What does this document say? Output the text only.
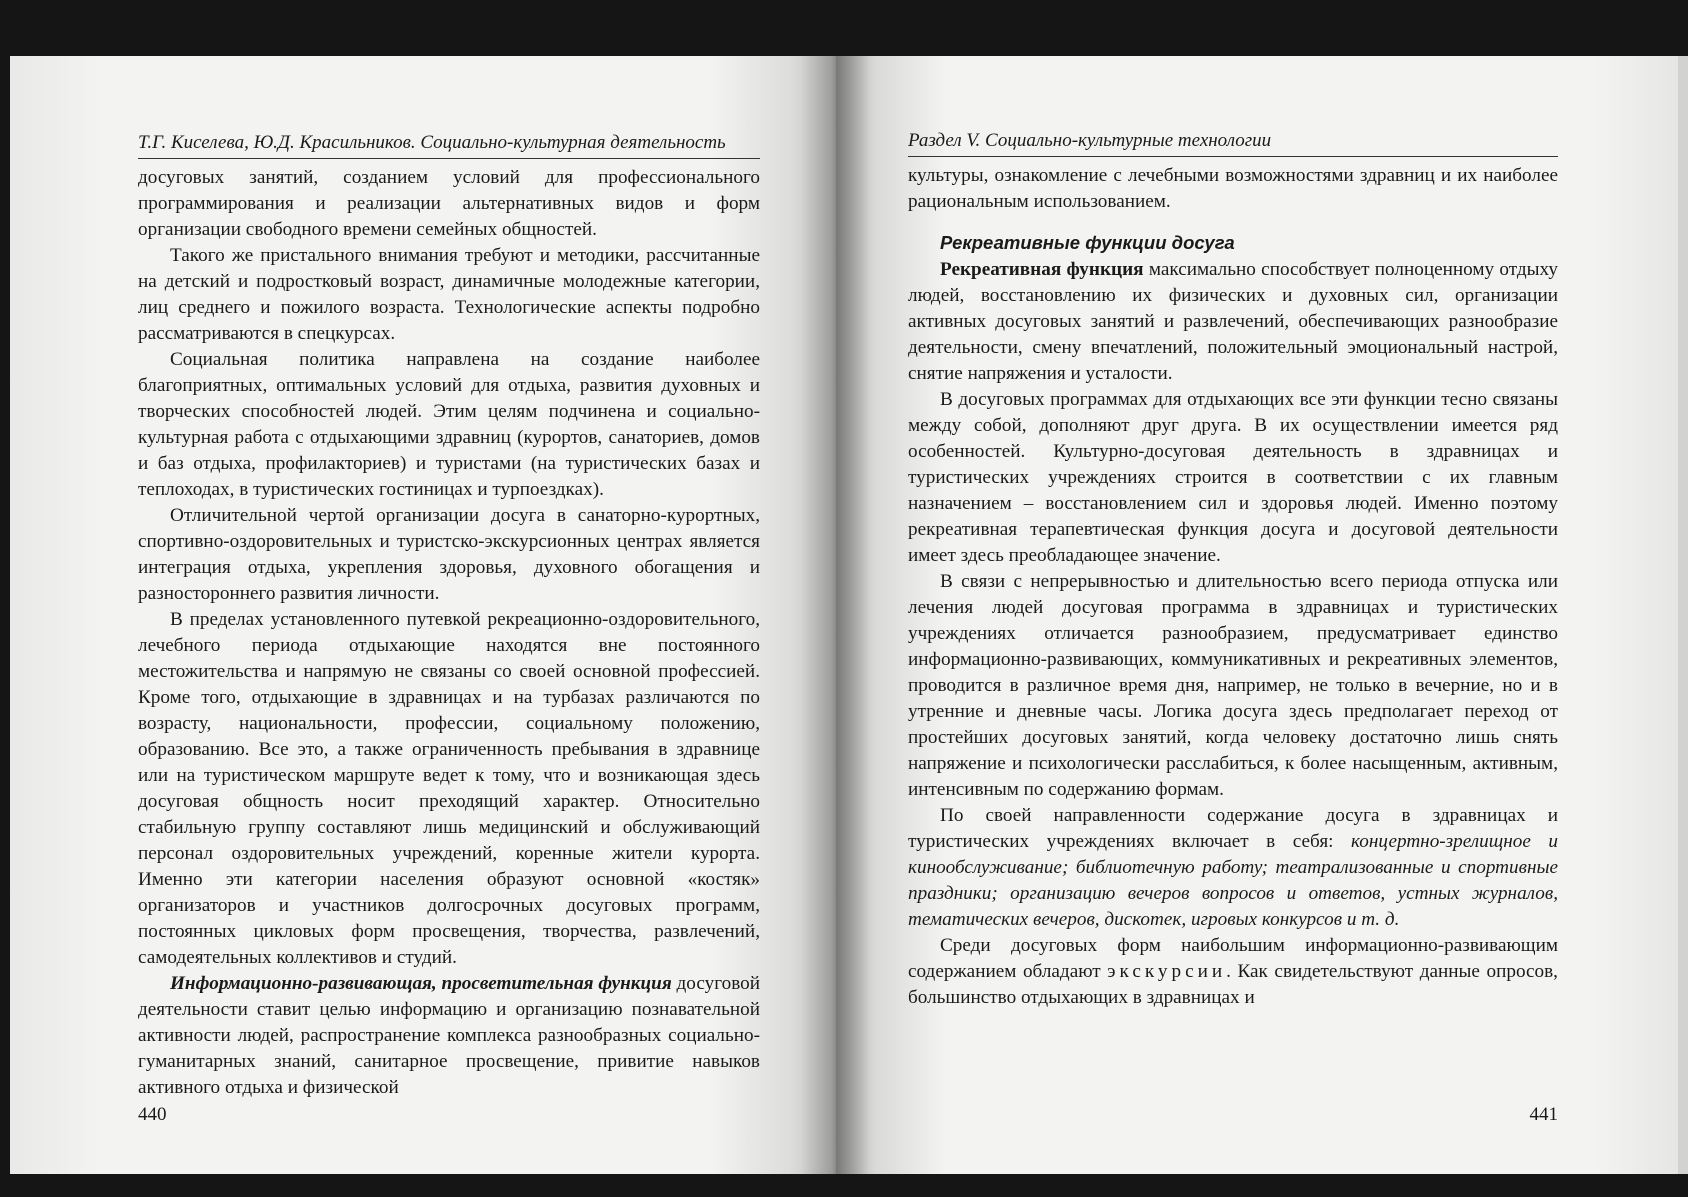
Т.Г. Киселева, Ю.Д. Красильников. Социально-культурная деятельность

досуговых занятий, созданием условий для профессионального программирования и реализации альтернативных видов и форм организации свободного времени семейных общностей.

Такого же пристального внимания требуют и методики, рассчитанные на детский и подростковый возраст, динамичные молодежные категории, лиц среднего и пожилого возраста. Технологические аспекты подробно рассматриваются в спецкурсах.

Социальная политика направлена на создание наиболее благоприятных, оптимальных условий для отдыха, развития духовных и творческих способностей людей. Этим целям подчинена и социально-культурная работа с отдыхающими здравниц (курортов, санаториев, домов и баз отдыха, профилакториев) и туристами (на туристических базах и теплоходах, в туристических гостиницах и турпоездках).

Отличительной чертой организации досуга в санаторно-курортных, спортивно-оздоровительных и туристско-экскурсионных центрах является интеграция отдыха, укрепления здоровья, духовного обогащения и разностороннего развития личности.

В пределах установленного путевкой рекреационно-оздоровительного, лечебного периода отдыхающие находятся вне постоянного местожительства и напрямую не связаны со своей основной профессией. Кроме того, отдыхающие в здравницах и на турбазах различаются по возрасту, национальности, профессии, социальному положению, образованию. Все это, а также ограниченность пребывания в здравнице или на туристическом маршруте ведет к тому, что и возникающая здесь досуговая общность носит преходящий характер. Относительно стабильную группу составляют лишь медицинский и обслуживающий персонал оздоровительных учреждений, коренные жители курорта. Именно эти категории населения образуют основной «костяк» организаторов и участников долгосрочных досуговых программ, постоянных цикловых форм просвещения, творчества, развлечений, самодеятельных коллективов и студий.

Информационно-развивающая, просветительная функция досуговой деятельности ставит целью информацию и организацию познавательной активности людей, распространение комплекса разнообразных социально-гуманитарных знаний, санитарное просвещение, привитие навыков активного отдыха и физической

440
Раздел V. Социально-культурные технологии

культуры, ознакомление с лечебными возможностями здравниц и их наиболее рациональным использованием.

Рекреативные функции досуга

Рекреативная функция максимально способствует полноценному отдыху людей, восстановлению их физических и духовных сил, организации активных досуговых занятий и развлечений, обеспечивающих разнообразие деятельности, смену впечатлений, положительный эмоциональный настрой, снятие напряжения и усталости.

В досуговых программах для отдыхающих все эти функции тесно связаны между собой, дополняют друг друга. В их осуществлении имеется ряд особенностей. Культурно-досуговая деятельность в здравницах и туристических учреждениях строится в соответствии с их главным назначением – восстановлением сил и здоровья людей. Именно поэтому рекреативная терапевтическая функция досуга и досуговой деятельности имеет здесь преобладающее значение.

В связи с непрерывностью и длительностью всего периода отпуска или лечения людей досуговая программа в здравницах и туристических учреждениях отличается разнообразием, предусматривает единство информационно-развивающих, коммуникативных и рекреативных элементов, проводится в различное время дня, например, не только в вечерние, но и в утренние и дневные часы. Логика досуга здесь предполагает переход от простейших досуговых занятий, когда человеку достаточно лишь снять напряжение и психологически расслабиться, к более насыщенным, активным, интенсивным по содержанию формам.

По своей направленности содержание досуга в здравницах и туристических учреждениях включает в себя: концертно-зрелищное и кинообслуживание; библиотечную работу; театрализованные и спортивные праздники; организацию вечеров вопросов и ответов, устных журналов, тематических вечеров, дискотек, игровых конкурсов и т. д.

Среди досуговых форм наибольшим информационно-развивающим содержанием обладают экскурсии. Как свидетельствуют данные опросов, большинство отдыхающих в здравницах и

441
